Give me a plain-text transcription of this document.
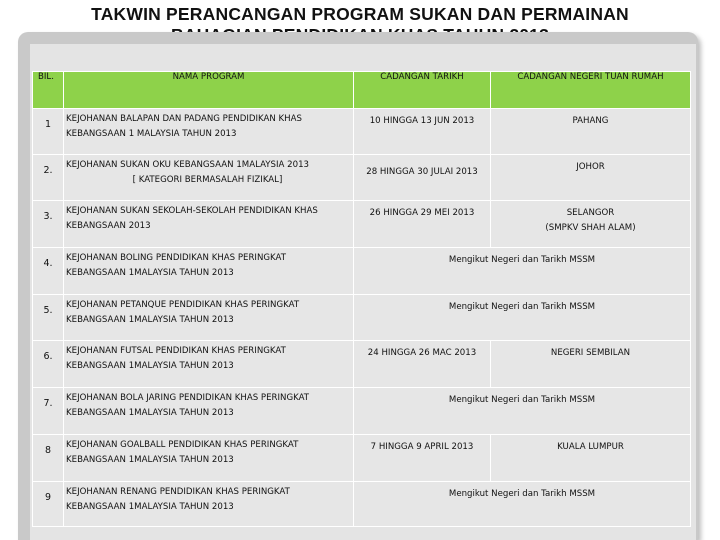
TAKWIN PERANCANGAN PROGRAM SUKAN DAN PERMAINAN
BIL.	NAMA PROGRAM	CADANGAN TARIKH	CADANGAN NEGERI TUAN RUMAH
1	KEJOHANAN BALAPAN DAN PADANG PENDIDIKAN KHAS
KEBANGSAAN 1 MALAYSIA TAHUN 2013	10 HINGGA 13 JUN 2013	PAHANG

2.	KEJOHANAN SUKAN OKU KEBANGSAAN 1MALAYSIA 2013
[ KATEGORI BERMASALAH FIZIKAL]	28 HINGGA 30 JULAI 2013	JOHOR

3.	KEJOHANAN SUKAN SEKOLAH-SEKOLAH PENDIDIKAN KHAS
KEBANGSAAN 2013	26 HINGGA 29 MEI 2013	SELANGOR
(SMPKV SHAH ALAM)

4.	KEJOHANAN BOLING PENDIDIKAN KHAS PERINGKAT
KEBANGSAAN 1MALAYSIA TAHUN 2013	Mengikut Negeri dan Tarikh MSSM	
5.	KEJOHANAN PETANQUE PENDIDIKAN KHAS PERINGKAT
KEBANGSAAN 1MALAYSIA TAHUN 2013	Mengikut Negeri dan Tarikh MSSM	
6.	KEJOHANAN FUTSAL PENDIDIKAN KHAS PERINGKAT
KEBANGSAAN 1MALAYSIA TAHUN 2013	24 HINGGA 26 MAC 2013	NEGERI SEMBILAN

7.	KEJOHANAN BOLA JARING PENDIDIKAN KHAS PERINGKAT
KEBANGSAAN 1MALAYSIA TAHUN 2013	Mengikut Negeri dan Tarikh MSSM	
8	KEJOHANAN GOALBALL PENDIDIKAN KHAS PERINGKAT
KEBANGSAAN 1MALAYSIA TAHUN 2013	7 HINGGA 9 APRIL 2013	KUALA LUMPUR

9	KEJOHANAN RENANG PENDIDIKAN KHAS PERINGKAT
KEBANGSAAN 1MALAYSIA TAHUN 2013	Mengikut Negeri dan Tarikh MSSM	
